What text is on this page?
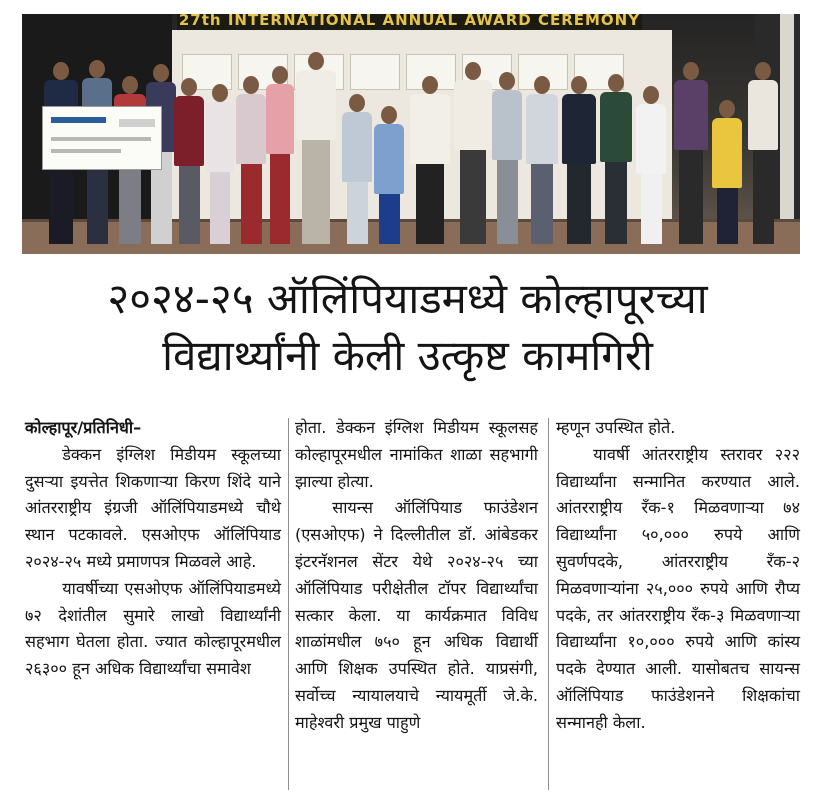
27th INTERNATIONAL ANNUAL AWARD CEREMONY
२०२४-२५ ऑलिंपियाडमध्ये कोल्हापूरच्या
विद्यार्थ्यांनी केली उत्कृष्ट कामगिरी

कोल्हापूर/प्रतिनिधी–

डेक्कन इंग्लिश मिडीयम स्कूलच्या दुसऱ्या इयत्तेत शिकणाऱ्या किरण शिंदे याने आंतरराष्ट्रीय इंग्रजी ऑलिंपियाडमध्ये चौथे स्थान पटकावले. एसओएफ ऑलिंपियाड २०२४-२५ मध्ये प्रमाणपत्र मिळवले आहे.

यावर्षीच्या एसओएफ ऑलिंपियाडमध्ये ७२ देशांतील सुमारे लाखो विद्यार्थ्यांनी सहभाग घेतला होता. ज्यात कोल्हापूरमधील २६३०० हून अधिक विद्यार्थ्यांचा समावेश

होता. डेक्कन इंग्लिश मिडीयम स्कूलसह कोल्हापूरमधील नामांकित शाळा सहभागी झाल्या होत्या.

सायन्स ऑलिंपियाड फाउंडेशन (एसओएफ) ने दिल्लीतील डॉ. आंबेडकर इंटरनॅशनल सेंटर येथे २०२४-२५ च्या ऑलिंपियाड परीक्षेतील टॉपर विद्यार्थ्यांचा सत्कार केला. या कार्यक्रमात विविध शाळांमधील ७५० हून अधिक विद्यार्थी आणि शिक्षक उपस्थित होते. याप्रसंगी, सर्वोच्च न्यायालयाचे न्यायमूर्ती जे.के. माहेश्वरी प्रमुख पाहुणे

म्हणून उपस्थित होते.

यावर्षी आंतरराष्ट्रीय स्तरावर २२२ विद्यार्थ्यांना सन्मानित करण्यात आले. आंतरराष्ट्रीय रँक-१ मिळवणाऱ्या ७४ विद्यार्थ्यांना ५०,००० रुपये आणि सुवर्णपदके, आंतरराष्ट्रीय रँक-२ मिळवणाऱ्यांना २५,००० रुपये आणि रौप्य पदके, तर आंतरराष्ट्रीय रँक-३ मिळवणाऱ्या विद्यार्थ्यांना १०,००० रुपये आणि कांस्य पदके देण्यात आली. यासोबतच सायन्स ऑलिंपियाड फाउंडेशनने शिक्षकांचा सन्मानही केला.
